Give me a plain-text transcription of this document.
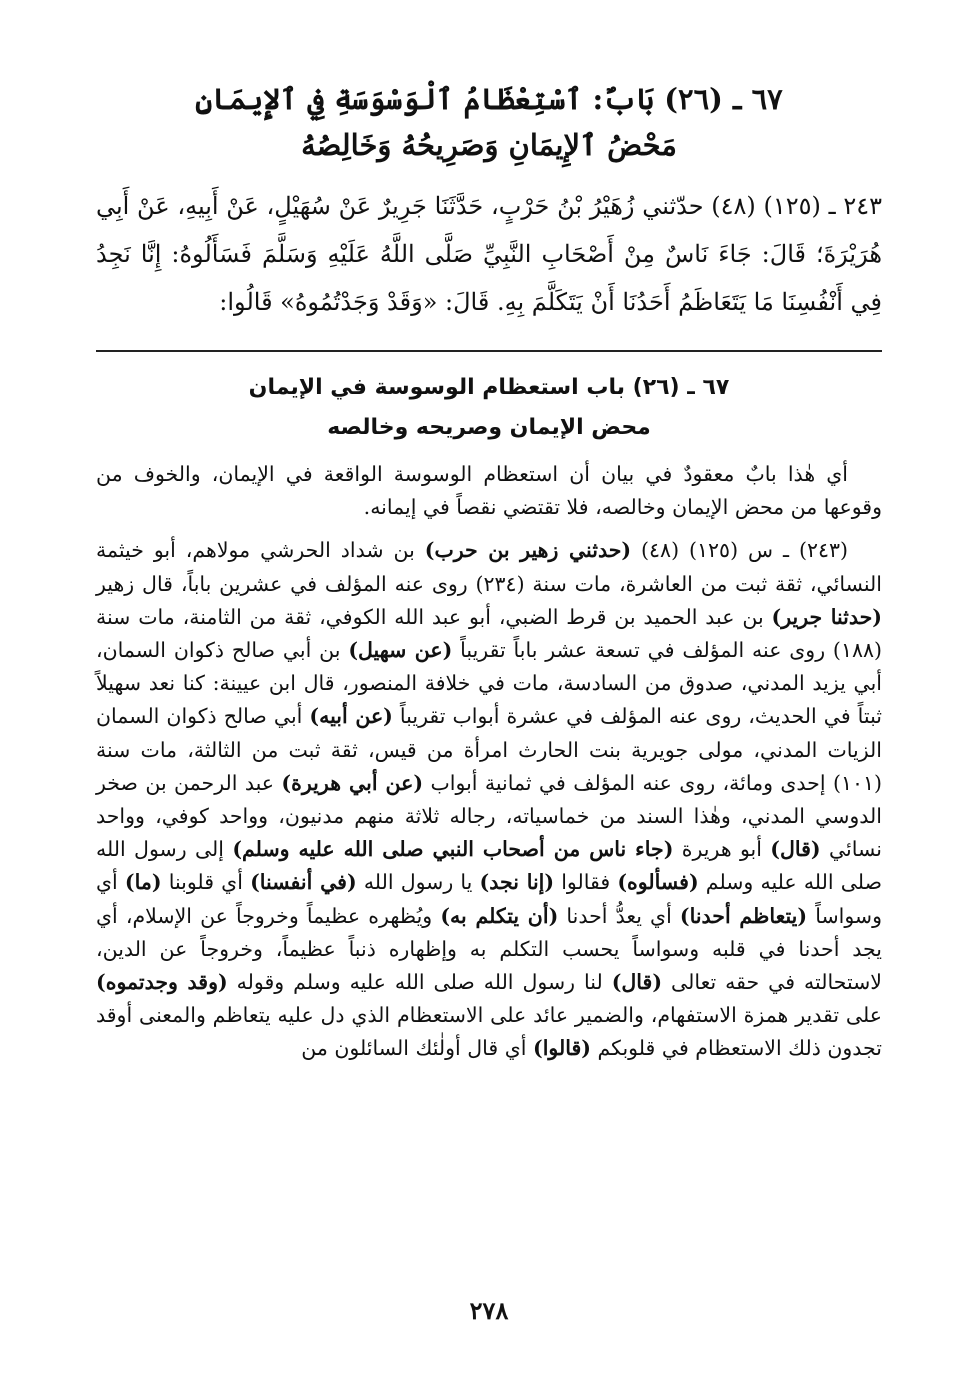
٦٧ ـ (٢٦) بَابٌ: ٱسْتِعْظَامُ ٱلْوَسْوَسَةِ فِي ٱلإِيمَانِ
مَحْضُ ٱلإِيمَانِ وَصَرِيحُهُ وَخَالِصُهُ

٢٤٣ ـ (١٢٥) (٤٨) حدّثني زُهَيْرُ بْنُ حَرْبٍ، حَدَّثَنَا جَرِيرٌ عَنْ سُهَيْلٍ، عَنْ أَبِيهِ، عَنْ أَبِي هُرَيْرَةَ؛ قَالَ: جَاءَ نَاسٌ مِنْ أَصْحَابِ النَّبِيِّ صَلَّى اللَّهُ عَلَيْهِ وَسَلَّمَ فَسَأَلُوهُ: إِنَّا نَجِدُ فِي أَنْفُسِنَا مَا يَتَعَاظَمُ أَحَدُنَا أَنْ يَتَكَلَّمَ بِهِ. قَالَ: «وَقَدْ وَجَدْتُمُوهُ» قَالُوا:

٦٧ ـ (٢٦) باب استعظام الوسوسة في الإيمان
محض الإيمان وصريحه وخالصه

أي هٰذا بابٌ معقودٌ في بيان أن استعظام الوسوسة الواقعة في الإيمان، والخوف من وقوعها من محض الإيمان وخالصه، فلا تقتضي نقصاً في إيمانه.

(٢٤٣) ـ س (١٢٥) (٤٨) (حدثني زهير بن حرب) بن شداد الحرشي مولاهم، أبو خيثمة النسائي، ثقة ثبت من العاشرة، مات سنة (٢٣٤) روى عنه المؤلف في عشرين باباً، قال زهير (حدثنا جرير) بن عبد الحميد بن قرط الضبي، أبو عبد الله الكوفي، ثقة من الثامنة، مات سنة (١٨٨) روى عنه المؤلف في تسعة عشر باباً تقريباً (عن سهيل) بن أبي صالح ذكوان السمان، أبي يزيد المدني، صدوق من السادسة، مات في خلافة المنصور، قال ابن عيينة: كنا نعد سهيلاً ثبتاً في الحديث، روى عنه المؤلف في عشرة أبواب تقريباً (عن أبيه) أبي صالح ذكوان السمان الزيات المدني، مولى جويرية بنت الحارث امرأة من قيس، ثقة ثبت من الثالثة، مات سنة (١٠١) إحدى ومائة، روى عنه المؤلف في ثمانية أبواب (عن أبي هريرة) عبد الرحمن بن صخر الدوسي المدني، وهٰذا السند من خماسياته، رجاله ثلاثة منهم مدنيون، وواحد كوفي، وواحد نسائي (قال) أبو هريرة (جاء ناس من أصحاب النبي صلى الله عليه وسلم) إلى رسول الله صلى الله عليه وسلم (فسألوه) فقالوا (إنا نجد) يا رسول الله (في أنفسنا) أي قلوبنا (ما) أي وسواساً (يتعاظم أحدنا) أي يعدُّ أحدنا (أن يتكلم به) ويُظهره عظيماً وخروجاً عن الإسلام، أي يجد أحدنا في قلبه وسواساً يحسب التكلم به وإظهاره ذنباً عظيماً، وخروجاً عن الدين، لاستحالته في حقه تعالى (قال) لنا رسول الله صلى الله عليه وسلم وقوله (وقد وجدتموه) على تقدير همزة الاستفهام، والضمير عائد على الاستعظام الذي دل عليه يتعاظم والمعنى أوقد تجدون ذلك الاستعظام في قلوبكم (قالوا) أي قال أولٰئك السائلون من

٢٧٨
